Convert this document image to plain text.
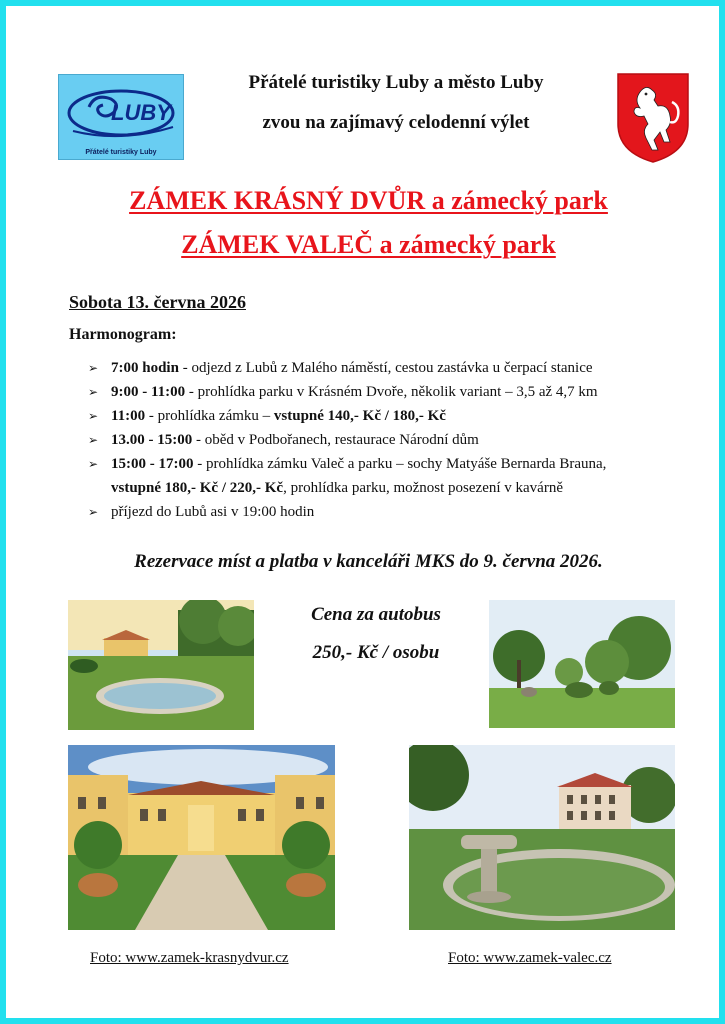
LUBY
Přátelé turistiky Luby
Přátelé turistiky Luby a město Luby
zvou na zajímavý celodenní výlet
ZÁMEK KRÁSNÝ DVŮR a zámecký park
ZÁMEK VALEČ a zámecký park
Sobota 13. června 2026
Harmonogram:
➢ 7:00 hodin - odjezd z Lubů z Malého náměstí, cestou zastávka u čerpací stanice
➢ 9:00 - 11:00 - prohlídka parku v Krásném Dvoře, několik variant – 3,5 až 4,7 km
➢ 11:00 - prohlídka zámku – vstupné 140,- Kč / 180,- Kč
➢ 13.00 - 15:00 - oběd v Podbořanech, restaurace Národní dům
➢ 15:00 - 17:00 - prohlídka zámku Valeč a parku – sochy Matyáše Bernarda Brauna,
vstupné 180,- Kč / 220,- Kč, prohlídka parku, možnost posezení v kavárně
➢ příjezd do Lubů asi v 19:00 hodin
Rezervace míst a platba v kanceláři MKS do 9. června 2026.
Cena za autobus
250,- Kč / osobu
Foto: www.zamek-krasnydvur.cz	Foto: www.zamek-valec.cz
